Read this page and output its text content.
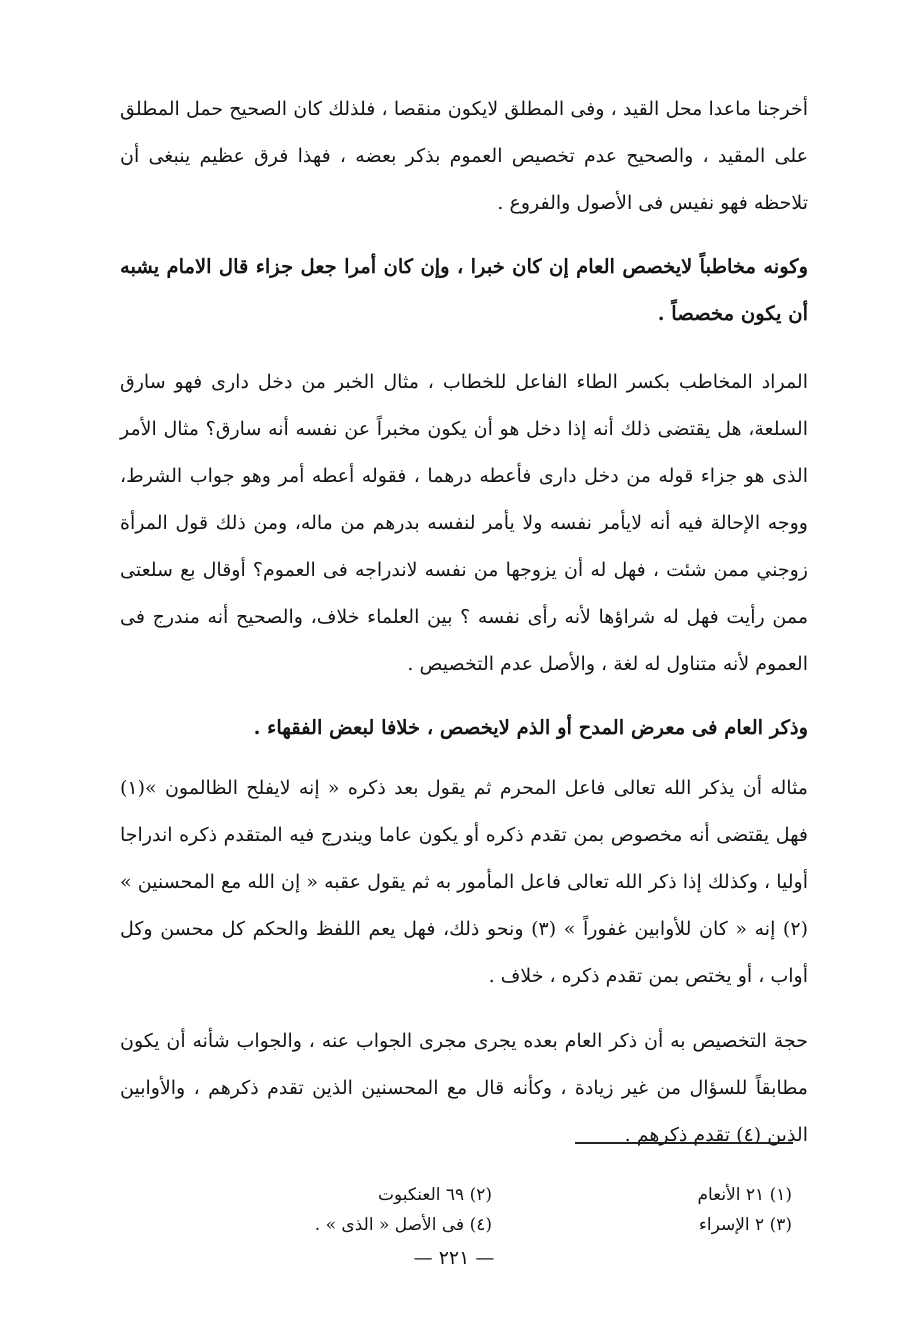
أخرجنا ماعدا محل القيد ، وفى المطلق لايكون منقصا ، فلذلك كان الصحيح حمل المطلق على المقيد ، والصحيح عدم تخصيص العموم بذكر بعضه ، فهذا فرق عظيم ينبغى أن تلاحظه فهو نفيس فى الأصول والفروع .

وكونه مخاطباً لايخصص العام إن كان خبرا ، وإن كان أمرا جعل جزاء قال الامام يشبه أن يكون مخصصاً .

المراد المخاطب بكسر الطاء الفاعل للخطاب ، مثال الخبر من دخل دارى فهو سارق السلعة، هل يقتضى ذلك أنه إذا دخل هو أن يكون مخبراً عن نفسه أنه سارق؟ مثال الأمر الذى هو جزاء قوله من دخل دارى فأعطه درهما ، فقوله أعطه أمر وهو جواب الشرط، ووجه الإحالة فيه أنه لايأمر نفسه ولا يأمر لنفسه بدرهم من ماله، ومن ذلك قول المرأة زوجني ممن شئت ، فهل له أن يزوجها من نفسه لاندراجه فى العموم؟ أوقال بع سلعتى ممن رأيت فهل له شراؤها لأنه رأى نفسه ؟ بين العلماء خلاف، والصحيح أنه مندرج فى العموم لأنه متناول له لغة ، والأصل عدم التخصيص .

وذكر العام فى معرض المدح أو الذم لايخصص ، خلافا لبعض الفقهاء .

مثاله أن يذكر الله تعالى فاعل المحرم ثم يقول بعد ذكره « إنه لايفلح الظالمون »(١) فهل يقتضى أنه مخصوص بمن تقدم ذكره أو يكون عاما ويندرج فيه المتقدم ذكره اندراجا أوليا ، وكذلك إذا ذكر الله تعالى فاعل المأمور به ثم يقول عقبه « إن الله مع المحسنين » (٢) إنه « كان للأوابين غفوراً » (٣) ونحو ذلك، فهل يعم اللفظ والحكم كل محسن وكل أواب ، أو يختص بمن تقدم ذكره ، خلاف .

حجة التخصيص به أن ذكر العام بعده يجرى مجرى الجواب عنه ، والجواب شأنه أن يكون مطابقاً للسؤال من غير زيادة ، وكأنه قال مع المحسنين الذين تقدم ذكرهم ، والأوابين الذين (٤) تقدم ذكرهم .

(١) ٢١ الأنعام
(٢) ٦٩ العنكبوت
(٣) ٢ الإسراء
(٤) فى الأصل « الذى » .
— ٢٢١ —
